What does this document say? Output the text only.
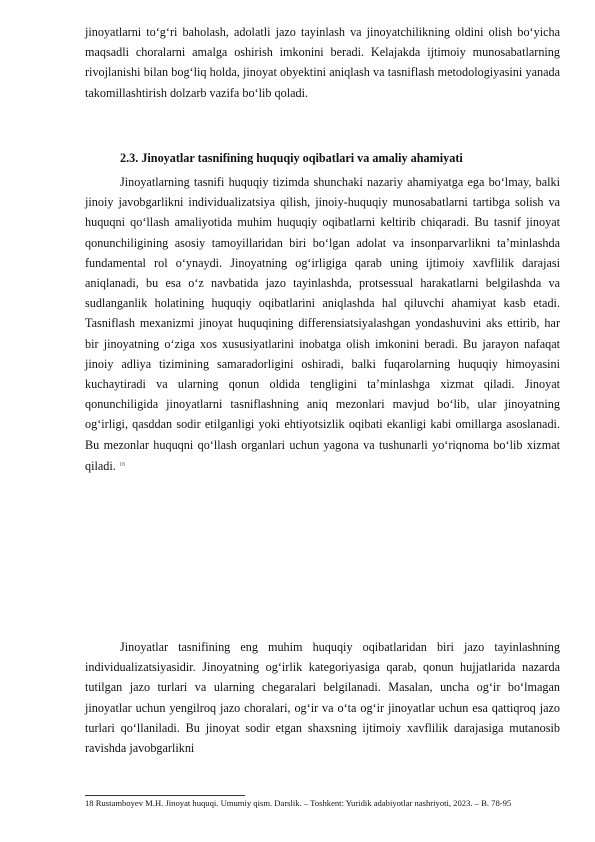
jinoyatlarni to‘g‘ri baholash, adolatli jazo tayinlash va jinoyatchilikning oldini olish bo‘yicha maqsadli choralarni amalga oshirish imkonini beradi. Kelajakda ijtimoiy munosabatlarning rivojlanishi bilan bog‘liq holda, jinoyat obyektini aniqlash va tasniflash metodologiyasini yanada takomillashtirish dolzarb vazifa bo‘lib qoladi.

2.3. Jinoyatlar tasnifining huquqiy oqibatlari va amaliy ahamiyati

Jinoyatlarning tasnifi huquqiy tizimda shunchaki nazariy ahamiyatga ega bo‘lmay, balki jinoiy javobgarlikni individualizatsiya qilish, jinoiy-huquqiy munosabatlarni tartibga solish va huquqni qo‘llash amaliyotida muhim huquqiy oqibatlarni keltirib chiqaradi. Bu tasnif jinoyat qonunchiligining asosiy tamoyillaridan biri bo‘lgan adolat va insonparvarlikni ta’minlashda fundamental rol o‘ynaydi. Jinoyatning og‘irligiga qarab uning ijtimoiy xavflilik darajasi aniqlanadi, bu esa o‘z navbatida jazo tayinlashda, protsessual harakatlarni belgilashda va sudlanganlik holatining huquqiy oqibatlarini aniqlashda hal qiluvchi ahamiyat kasb etadi. Tasniflash mexanizmi jinoyat huquqining differensiatsiyalashgan yondashuvini aks ettirib, har bir jinoyatning o‘ziga xos xususiyatlarini inobatga olish imkonini beradi. Bu jarayon nafaqat jinoiy adliya tizimining samaradorligini oshiradi, balki fuqarolarning huquqiy himoyasini kuchaytiradi va ularning qonun oldida tengligini ta’minlashga xizmat qiladi. Jinoyat qonunchiligida jinoyatlarni tasniflashning aniq mezonlari mavjud bo‘lib, ular jinoyatning og‘irligi, qasddan sodir etilganligi yoki ehtiyotsizlik oqibati ekanligi kabi omillarga asoslanadi. Bu mezonlar huquqni qo‘llash organlari uchun yagona va tushunarli yo‘riqnoma bo‘lib xizmat qiladi. $^{18}$

Jinoyatlar tasnifining eng muhim huquqiy oqibatlaridan biri jazo tayinlashning individualizatsiyasidir. Jinoyatning og‘irlik kategoriyasiga qarab, qonun hujjatlarida nazarda tutilgan jazo turlari va ularning chegaralari belgilanadi. Masalan, uncha og‘ir bo‘lmagan jinoyatlar uchun yengilroq jazo choralari, og‘ir va o‘ta og‘ir jinoyatlar uchun esa qattiqroq jazo turlari qo‘llaniladi. Bu jinoyat sodir etgan shaxsning ijtimoiy xavflilik darajasiga mutanosib ravishda javobgarlikni

18 Rustamboyev M.H. Jinoyat huquqi. Umumiy qism. Darslik. – Toshkent: Yuridik adabiyotlar nashriyoti, 2023. – B. 78-95
